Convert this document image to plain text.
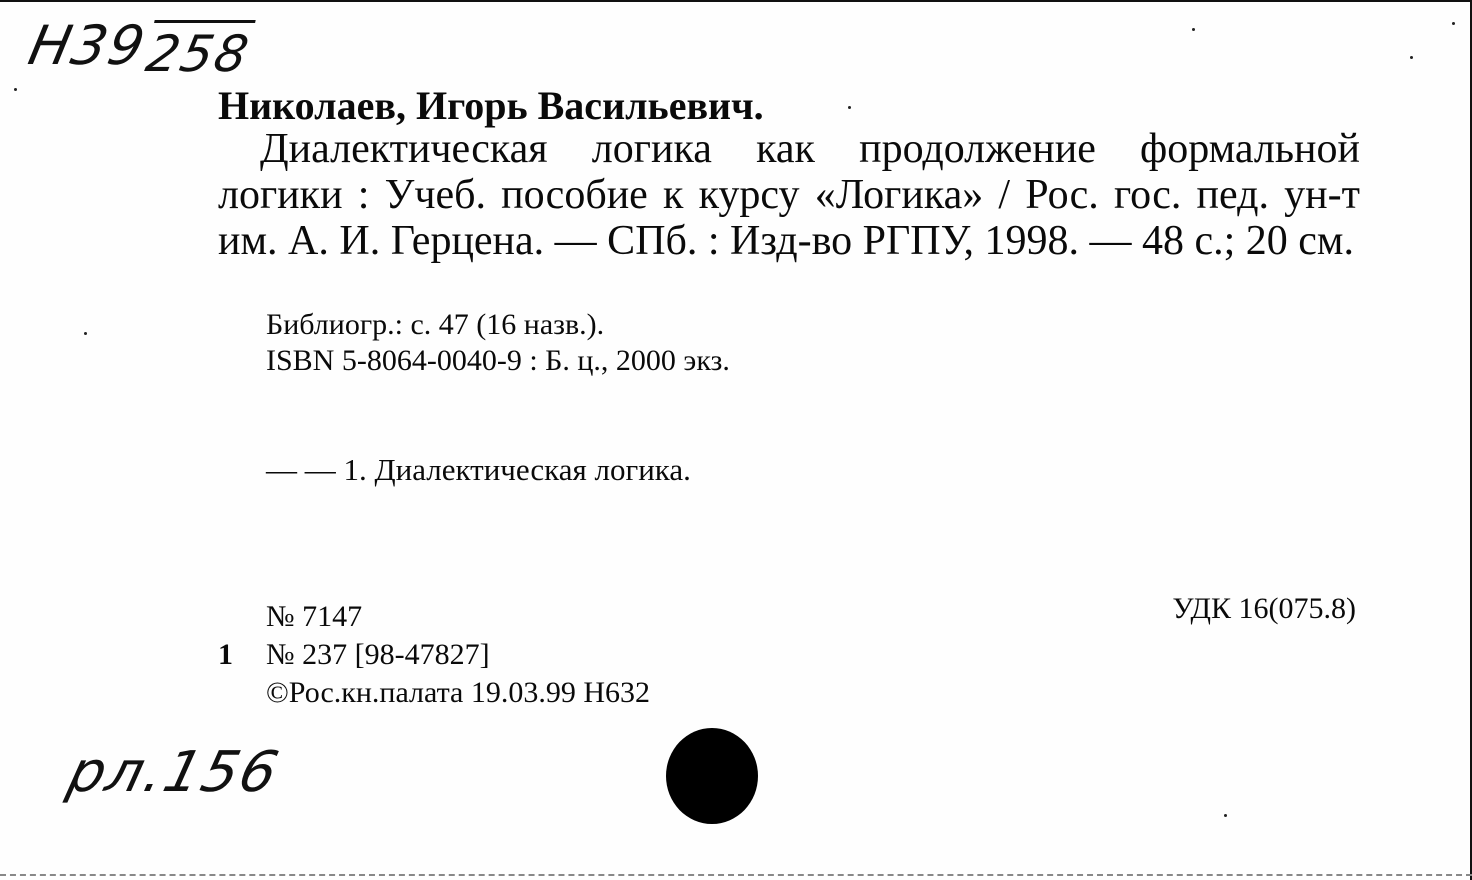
Н39
258
Николаев, Игорь Васильевич.
Диалектическая логика как продолжение формальной логики : Учеб. пособие к курсу «Логика» / Рос. гос. пед. ун-т им. А. И. Герцена. — СПб. : Изд-во РГПУ, 1998. — 48 с.; 20 см.
Библиогр.: с. 47 (16 назв.).
ISBN 5-8064-0040-9 : Б. ц., 2000 экз.
— — 1. Диалектическая логика.
№ 7147	УДК 16(075.8)
1 № 237 [98-47827]
©Рос.кн.палата 19.03.99 Н632
рл.156
